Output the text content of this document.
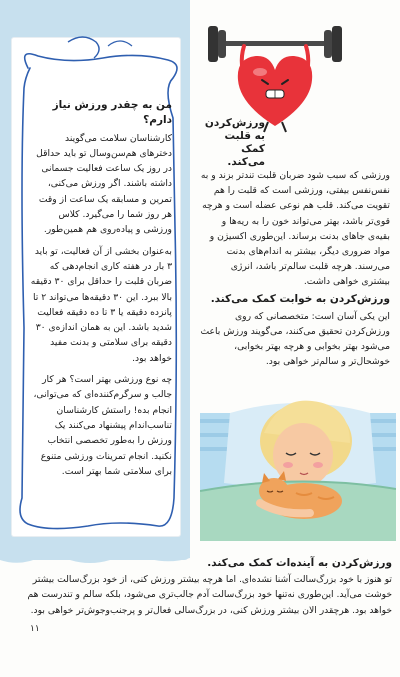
من به چقدر ورزش نیاز دارم؟

کارشناسان سلامت می‌گویند دخترهای هم‌سن‌وسال تو باید حداقل در روز یک ساعت فعالیت جسمانی داشته باشند. اگر ورزش می‌کنی، تمرین و مسابقه یک ساعت از وقت هر روز شما را می‌گیرد. کلاس ورزشی و پیاده‌روی هم همین‌طور.

به‌عنوان بخشی از آن فعالیت، تو باید ۳ بار در هفته کاری انجام‌دهی که ضربان قلبت را حداقل برای ۳۰ دقیقه بالا ببرد. این ۳۰ دقیقه‌ها می‌تواند ۲ تا پانزده دقیقه یا ۳ تا ده دقیقه فعالیت شدید باشد. این به همان اندازه‌ی ۳۰ دقیقه برای سلامتی و بدنت مفید خواهد بود.

چه نوع ورزشی بهتر است؟ هر کار جالب و سرگرم‌کننده‌ای که می‌توانی، انجام بده! راستش کارشناسان تناسب‌اندام پیشنهاد می‌کنند یک ورزش را به‌طور تخصصی انتخاب نکنید. انجام تمرینات ورزشی متنوع برای سلامتی شما بهتر است.

ورزش‌کردن به قلبت کمک می‌کند.

ورزشی که سبب شود ضربان قلبت تندتر بزند و به نفس‌نفس بیفتی، ورزشی است که قلبت را هم تقویت می‌کند. قلب هم نوعی عضله است و هرچه قوی‌تر باشد، بهتر می‌تواند خون را به ریه‌ها و بقیه‌ی جاهای بدنت برساند. این‌طوری اکسیژن و مواد ضروری دیگر، بیشتر به اندام‌های بدنت می‌رسند. هرچه قلبت سالم‌تر باشد، انرژی بیشتری خواهی داشت.

ورزش‌کردن به خوابت کمک می‌کند.

این یکی آسان است: متخصصانی که روی ورزش‌کردن تحقیق می‌کنند، می‌گویند ورزش باعث می‌شود بهتر بخوابی و هرچه بهتر بخوابی، خوشحال‌تر و سالم‌تر خواهی بود.

ورزش‌کردن به آینده‌ات کمک می‌کند.

تو هنوز با خود بزرگ‌سالت آشنا نشده‌ای. اما هرچه بیشتر ورزش کنی، از خود بزرگ‌سالت بیشتر خوشت می‌آید. این‌طوری نه‌تنها خود بزرگ‌سالت آدم جالب‌تری می‌شود، بلکه سالم و تندرست هم خواهد بود. هرچقدر الان بیشتر ورزش کنی، در بزرگ‌سالی فعال‌تر و پرجنب‌وجوش‌تر خواهی بود.

۱۱
